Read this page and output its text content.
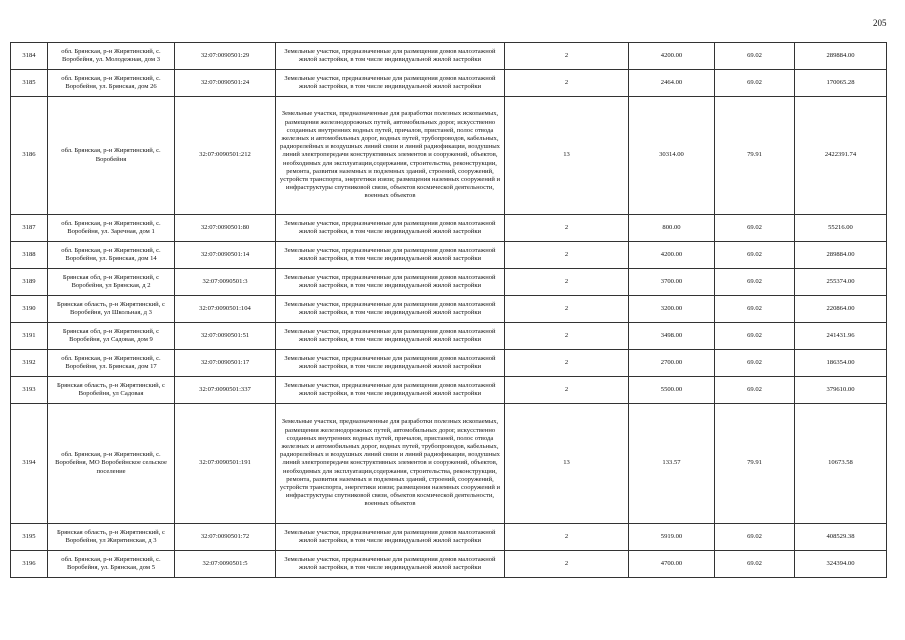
205
3184	обл. Брянская, р-н Жирятинский, с. Воробейня, ул. Молодежная, дом 3	32:07:0090501:29	Земельные участки, предназначенные для размещения домов малоэтажной жилой застройки, в том числе индивидуальной жилой застройки	2	4200.00	69.02	289884.00
3185	обл. Брянская, р-н Жирятинский, с. Воробейня, ул. Брянская, дом 26	32:07:0090501:24	Земельные участки, предназначенные для размещения домов малоэтажной жилой застройки, в том числе индивидуальной жилой застройки	2	2464.00	69.02	170065.28
3186	обл. Брянская, р-н Жирятинский, с. Воробейня	32:07:0090501:212	Земельные участки, предназначенные для разработки полезных ископаемых, размещения железнодорожных путей, автомобильных дорог, искусственно созданных внутренних водных путей, причалов, пристаней, полос отвода железных и автомобильных дорог, водных путей, трубопроводов, кабельных, радиорелейных и воздушных линий связи и линий радиофикации, воздушных линий электропередачи конструктивных элементов и сооружений, объектов, необходимых для эксплуатации,содержания, строительства, реконструкции, ремонта, развития наземных и подземных зданий, строений, сооружений, устройств транспорта, энергетики изязи; размещения наземных сооружений и инфраструктуры спутниковой связи, объектов космической деятельности, военных объектов	13	30314.00	79.91	2422391.74
3187	обл. Брянская, р-н Жирятинский, с. Воробейня, ул. Заречная, дом 1	32:07:0090501:80	Земельные участки, предназначенные для размещения домов малоэтажной жилой застройки, в том числе индивидуальной жилой застройки	2	800.00	69.02	55216.00
3188	обл. Брянская, р-н Жирятинский, с. Воробейня, ул. Брянская, дом 14	32:07:0090501:14	Земельные участки, предназначенные для размещения домов малоэтажной жилой застройки, в том числе индивидуальной жилой застройки	2	4200.00	69.02	289884.00
3189	Брянская обл, р-н Жирятинский, с Воробейня, ул Брянская, д 2	32:07:0090501:3	Земельные участки, предназначенные для размещения домов малоэтажной жилой застройки, в том числе индивидуальной жилой застройки	2	3700.00	69.02	255374.00
3190	Брянская область, р-н Жирятинский, с Воробейня, ул Школьная, д 3	32:07:0090501:104	Земельные участки, предназначенные для размещения домов малоэтажной жилой застройки, в том числе индивидуальной жилой застройки	2	3200.00	69.02	220864.00
3191	Брянская обл, р-н Жирятинский, с Воробейня, ул Садовая, дом 9	32:07:0090501:51	Земельные участки, предназначенные для размещения домов малоэтажной жилой застройки, в том числе индивидуальной жилой застройки	2	3498.00	69.02	241431.96
3192	обл. Брянская, р-н Жирятинский, с. Воробейня, ул. Брянская, дом 17	32:07:0090501:17	Земельные участки, предназначенные для размещения домов малоэтажной жилой застройки, в том числе индивидуальной жилой застройки	2	2700.00	69.02	186354.00
3193	Брянская область, р-н Жирятинский, с Воробейня, ул Садовая	32:07:0090501:337	Земельные участки, предназначенные для размещения домов малоэтажной жилой застройки, в том числе индивидуальной жилой застройки	2	5500.00	69.02	379610.00
3194	обл. Брянская, р-н Жирятинский, с. Воробейня, МО Воробейнское сельское поселение	32:07:0090501:191	Земельные участки, предназначенные для разработки полезных ископаемых, размещения железнодорожных путей, автомобильных дорог, искусственно созданных внутренних водных путей, причалов, пристаней, полос отвода железных и автомобильных дорог, водных путей, трубопроводов, кабельных, радиорелейных и воздушных линий связи и линий радиофикации, воздушных линий электропередачи конструктивных элементов и сооружений, объектов, необходимых для эксплуатации,содержания, строительства, реконструкции, ремонта, развития наземных и подземных зданий, строений, сооружений, устройств транспорта, энергетики изязи; размещения наземных сооружений и инфраструктуры спутниковой связи, объектов космической деятельности, военных объектов	13	133.57	79.91	10673.58
3195	Брянская область, р-н Жирятинский, с Воробейня, ул Жирятинская, д 3	32:07:0090501:72	Земельные участки, предназначенные для размещения домов малоэтажной жилой застройки, в том числе индивидуальной жилой застройки	2	5919.00	69.02	408529.38
3196	обл. Брянская, р-н Жирятинский, с. Воробейня, ул. Брянская, дом 5	32:07:0090501:5	Земельные участки, предназначенные для размещения домов малоэтажной жилой застройки, в том числе индивидуальной жилой застройки	2	4700.00	69.02	324394.00
